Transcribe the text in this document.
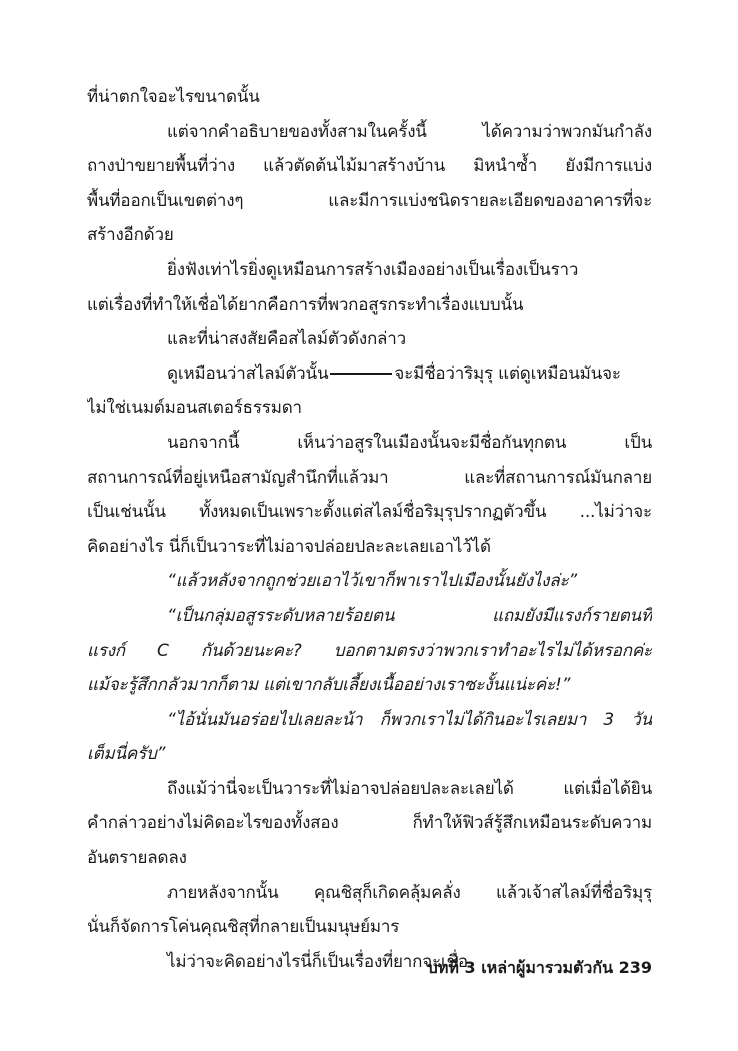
ที่น่าตกใจอะไรขนาดนั้น
แต่จากคำอธิบายของทั้งสามในครั้งนี้ ได้ความว่าพวกมันกำลัง
ถางป่าขยายพื้นที่ว่าง แล้วตัดต้นไม้มาสร้างบ้าน มิหนำซ้ำ ยังมีการแบ่ง
พื้นที่ออกเป็นเขตต่างๆ และมีการแบ่งชนิดรายละเอียดของอาคารที่จะ
สร้างอีกด้วย
ยิ่งฟังเท่าไรยิ่งดูเหมือนการสร้างเมืองอย่างเป็นเรื่องเป็นราว
แต่เรื่องที่ทำให้เชื่อได้ยากคือการที่พวกอสูรกระทำเรื่องแบบนั้น
และที่น่าสงสัยคือสไลม์ตัวดังกล่าว
ดูเหมือนว่าสไลม์ตัวนั้น	จะมีชื่อว่าริมุรุ แต่ดูเหมือนมันจะ
ไม่ใช่เนมด์มอนสเตอร์ธรรมดา
นอกจากนี้ เห็นว่าอสูรในเมืองนั้นจะมีชื่อกันทุกตน เป็น
สถานการณ์ที่อยู่เหนือสามัญสำนึกที่แล้วมา และที่สถานการณ์มันกลาย
เป็นเช่นนั้น ทั้งหมดเป็นเพราะตั้งแต่สไลม์ชื่อริมุรุปรากฏตัวขึ้น ...ไม่ว่าจะ
คิดอย่างไร นี่ก็เป็นวาระที่ไม่อาจปล่อยปละละเลยเอาไว้ได้
“แล้วหลังจากถูกช่วยเอาไว้เขาก็พาเราไปเมืองนั้นยังไงล่ะ”
“เป็นกลุ่มอสูรระดับหลายร้อยตน แถมยังมีแรงก์รายตนที่
แรงก์ C กันด้วยนะคะ? บอกตามตรงว่าพวกเราทำอะไรไม่ได้หรอกค่ะ
แม้จะรู้สึกกลัวมากก็ตาม แต่เขากลับเลี้ยงเนื้ออย่างเราซะงั้นแน่ะค่ะ!”
“ไอ้นั่นมันอร่อยไปเลยละน้า ก็พวกเราไม่ได้กินอะไรเลยมา 3 วัน
เต็มนี่ครับ”
ถึงแม้ว่านี่จะเป็นวาระที่ไม่อาจปล่อยปละละเลยได้ แต่เมื่อได้ยิน
คำกล่าวอย่างไม่คิดอะไรของทั้งสอง ก็ทำให้ฟิวส์รู้สึกเหมือนระดับความ
อันตรายลดลง
ภายหลังจากนั้น คุณชิสุก็เกิดคลุ้มคลั่ง แล้วเจ้าสไลม์ที่ชื่อริมุรุ
นั่นก็จัดการโค่นคุณชิสุที่กลายเป็นมนุษย์มาร
ไม่ว่าจะคิดอย่างไรนี่ก็เป็นเรื่องที่ยากจะเชื่อ
บทที่ 3 เหล่าผู้มารวมตัวกัน 239
